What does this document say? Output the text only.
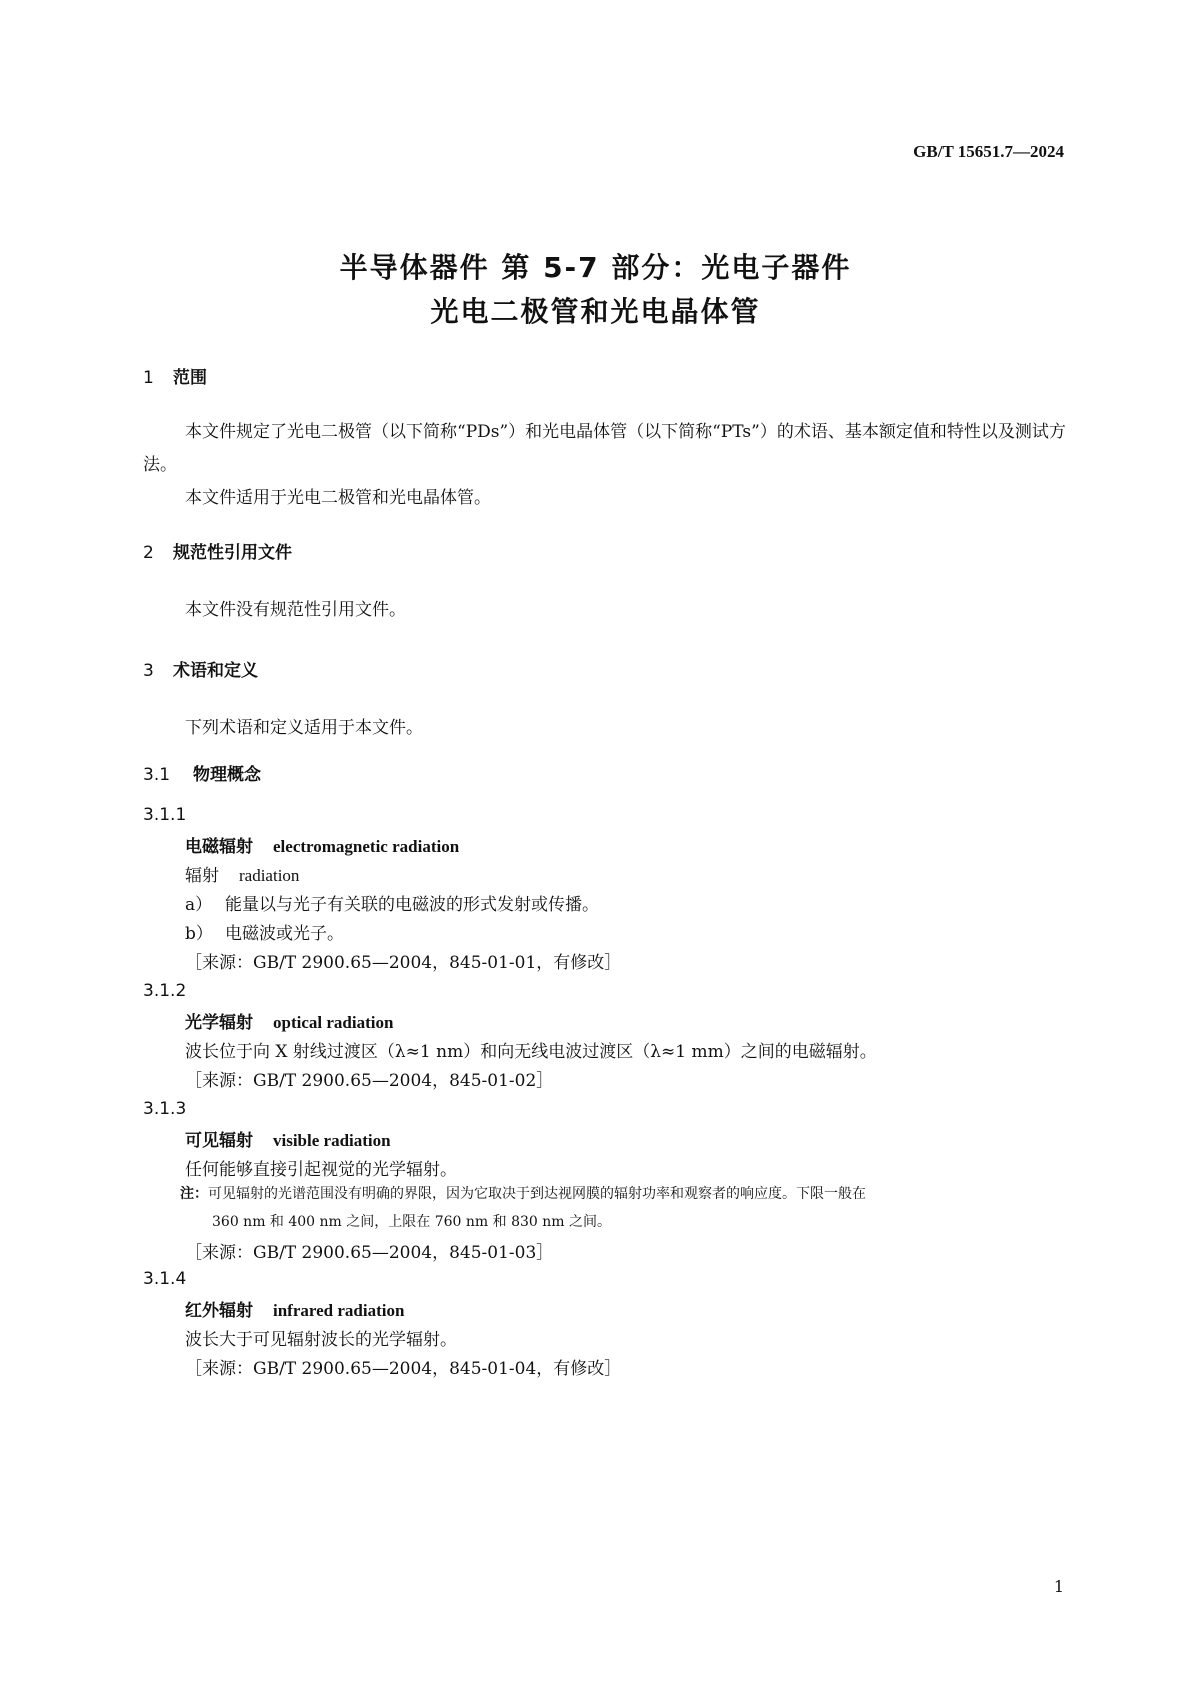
GB/T 15651.7—2024
半导体器件 第 5-7 部分：光电子器件
光电二极管和光电晶体管
1 范围
本文件规定了光电二极管（以下简称“PDs”）和光电晶体管（以下简称“PTs”）的术语、基本额定值和特性以及测试方法。
本文件适用于光电二极管和光电晶体管。
2 规范性引用文件
本文件没有规范性引用文件。
3 术语和定义
下列术语和定义适用于本文件。
3.1 物理概念
3.1.1
电磁辐射 electromagnetic radiation
辐射 radiation
a） 能量以与光子有关联的电磁波的形式发射或传播。
b） 电磁波或光子。
［来源：GB/T 2900.65—2004，845-01-01，有修改］
3.1.2
光学辐射 optical radiation
波长位于向 X 射线过渡区（λ≈1 nm）和向无线电波过渡区（λ≈1 mm）之间的电磁辐射。
［来源：GB/T 2900.65—2004，845-01-02］
3.1.3
可见辐射 visible radiation
任何能够直接引起视觉的光学辐射。
注：可见辐射的光谱范围没有明确的界限，因为它取决于到达视网膜的辐射功率和观察者的响应度。下限一般在
360 nm 和 400 nm 之间，上限在 760 nm 和 830 nm 之间。
［来源：GB/T 2900.65—2004，845-01-03］
3.1.4
红外辐射 infrared radiation
波长大于可见辐射波长的光学辐射。
［来源：GB/T 2900.65—2004，845-01-04，有修改］
1
